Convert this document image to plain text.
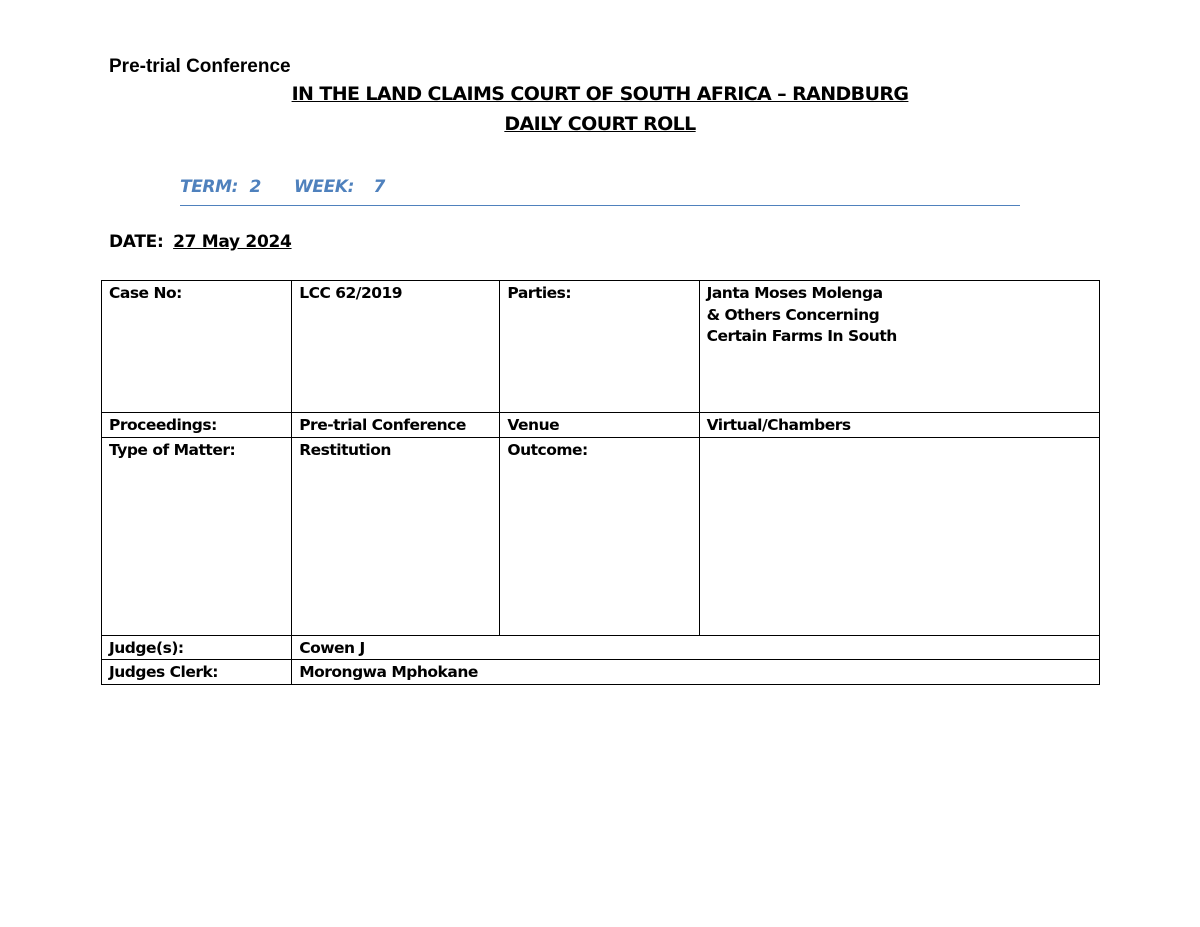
Pre-trial Conference
IN THE LAND CLAIMS COURT OF SOUTH AFRICA – RANDBURG
DAILY COURT ROLL
TERM: 2 WEEK: 7
DATE: 27 May 2024
Case No:	LCC 62/2019	Parties:	Janta Moses Molenga
& Others Concerning
Certain Farms In South

Proceedings:	Pre-trial Conference	Venue	Virtual/Chambers
Type of Matter:	Restitution	Outcome:	
Judge(s):	Cowen J		
Judges Clerk:	Morongwa Mphokane		
